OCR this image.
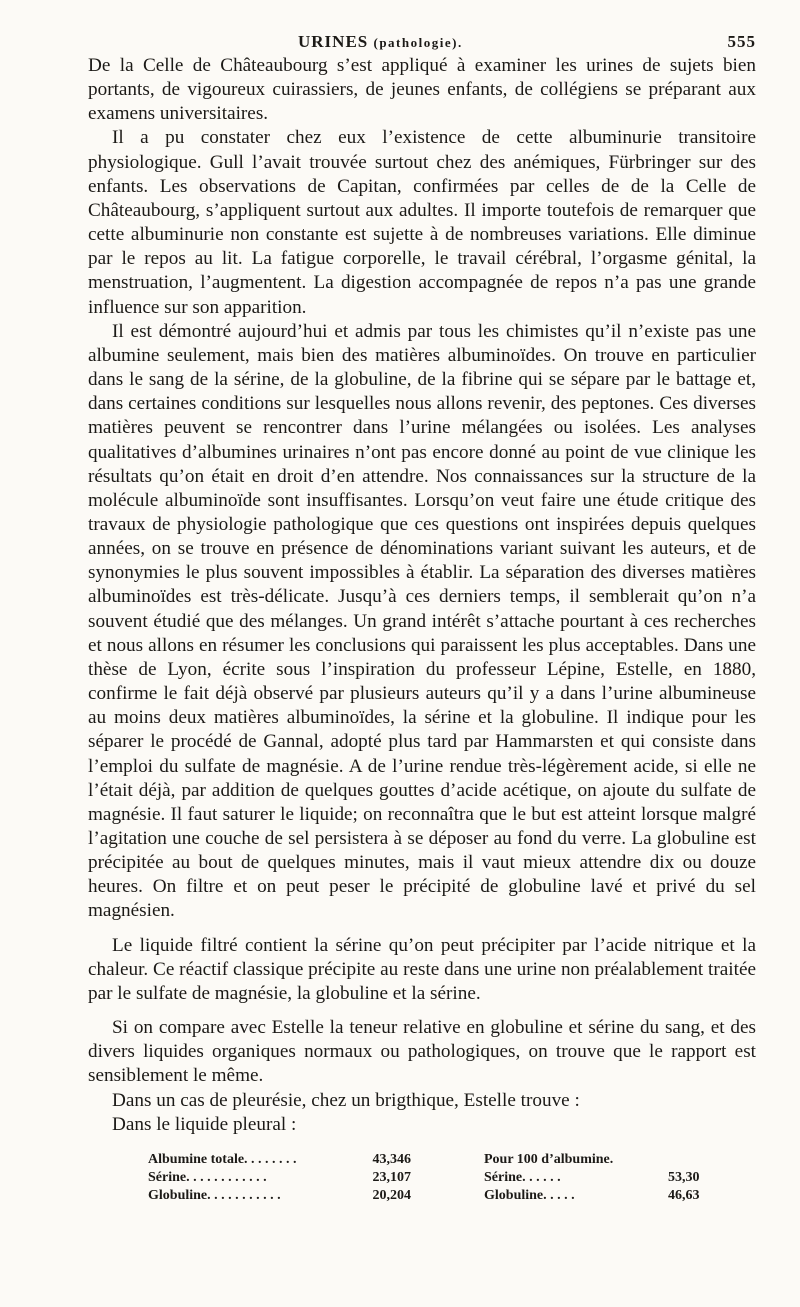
URINES (pathologie).	555

De la Celle de Châteaubourg s’est appliqué à examiner les urines de sujets bien portants, de vigoureux cuirassiers, de jeunes enfants, de collégiens se préparant aux examens universitaires.

Il a pu constater chez eux l’existence de cette albuminurie transitoire physiologique. Gull l’avait trouvée surtout chez des anémiques, Fürbringer sur des enfants. Les observations de Capitan, confirmées par celles de de la Celle de Châteaubourg, s’appliquent surtout aux adultes. Il importe toutefois de remarquer que cette albuminurie non constante est sujette à de nombreuses variations. Elle diminue par le repos au lit. La fatigue corporelle, le travail cérébral, l’orgasme génital, la menstruation, l’augmentent. La digestion accompagnée de repos n’a pas une grande influence sur son apparition.

Il est démontré aujourd’hui et admis par tous les chimistes qu’il n’existe pas une albumine seulement, mais bien des matières albuminoïdes. On trouve en particulier dans le sang de la sérine, de la globuline, de la fibrine qui se sépare par le battage et, dans certaines conditions sur lesquelles nous allons revenir, des peptones. Ces diverses matières peuvent se rencontrer dans l’urine mélangées ou isolées. Les analyses qualitatives d’albumines urinaires n’ont pas encore donné au point de vue clinique les résultats qu’on était en droit d’en attendre. Nos connaissances sur la structure de la molécule albuminoïde sont insuffisantes. Lorsqu’on veut faire une étude critique des travaux de physiologie pathologique que ces questions ont inspirées depuis quelques années, on se trouve en présence de dénominations variant suivant les auteurs, et de synonymies le plus souvent impossibles à établir. La séparation des diverses matières albuminoïdes est très-délicate. Jusqu’à ces derniers temps, il semblerait qu’on n’a souvent étudié que des mélanges. Un grand intérêt s’attache pourtant à ces recherches et nous allons en résumer les conclusions qui paraissent les plus acceptables. Dans une thèse de Lyon, écrite sous l’inspiration du professeur Lépine, Estelle, en 1880, confirme le fait déjà observé par plusieurs auteurs qu’il y a dans l’urine albumineuse au moins deux matières albuminoïdes, la sérine et la globuline. Il indique pour les séparer le procédé de Gannal, adopté plus tard par Hammarsten et qui consiste dans l’emploi du sulfate de magnésie. A de l’urine rendue très-légèrement acide, si elle ne l’était déjà, par addition de quelques gouttes d’acide acétique, on ajoute du sulfate de magnésie. Il faut saturer le liquide; on reconnaîtra que le but est atteint lorsque malgré l’agitation une couche de sel persistera à se déposer au fond du verre. La globuline est précipitée au bout de quelques minutes, mais il vaut mieux attendre dix ou douze heures. On filtre et on peut peser le précipité de globuline lavé et privé du sel magnésien.

Le liquide filtré contient la sérine qu’on peut précipiter par l’acide nitrique et la chaleur. Ce réactif classique précipite au reste dans une urine non préalablement traitée par le sulfate de magnésie, la globuline et la sérine.

Si on compare avec Estelle la teneur relative en globuline et sérine du sang, et des divers liquides organiques normaux ou pathologiques, on trouve que le rapport est sensiblement le même.

Dans un cas de pleurésie, chez un brigthique, Estelle trouve :

Dans le liquide pleural :

Albumine totale. . . . . . . .	43,346	Pour 100 d’albumine.
Sérine. . . . . . . . . . . .	23,107	Sérine. . . . . .	53,30
Globuline. . . . . . . . . . .	20,204	Globuline. . . . .	46,63
